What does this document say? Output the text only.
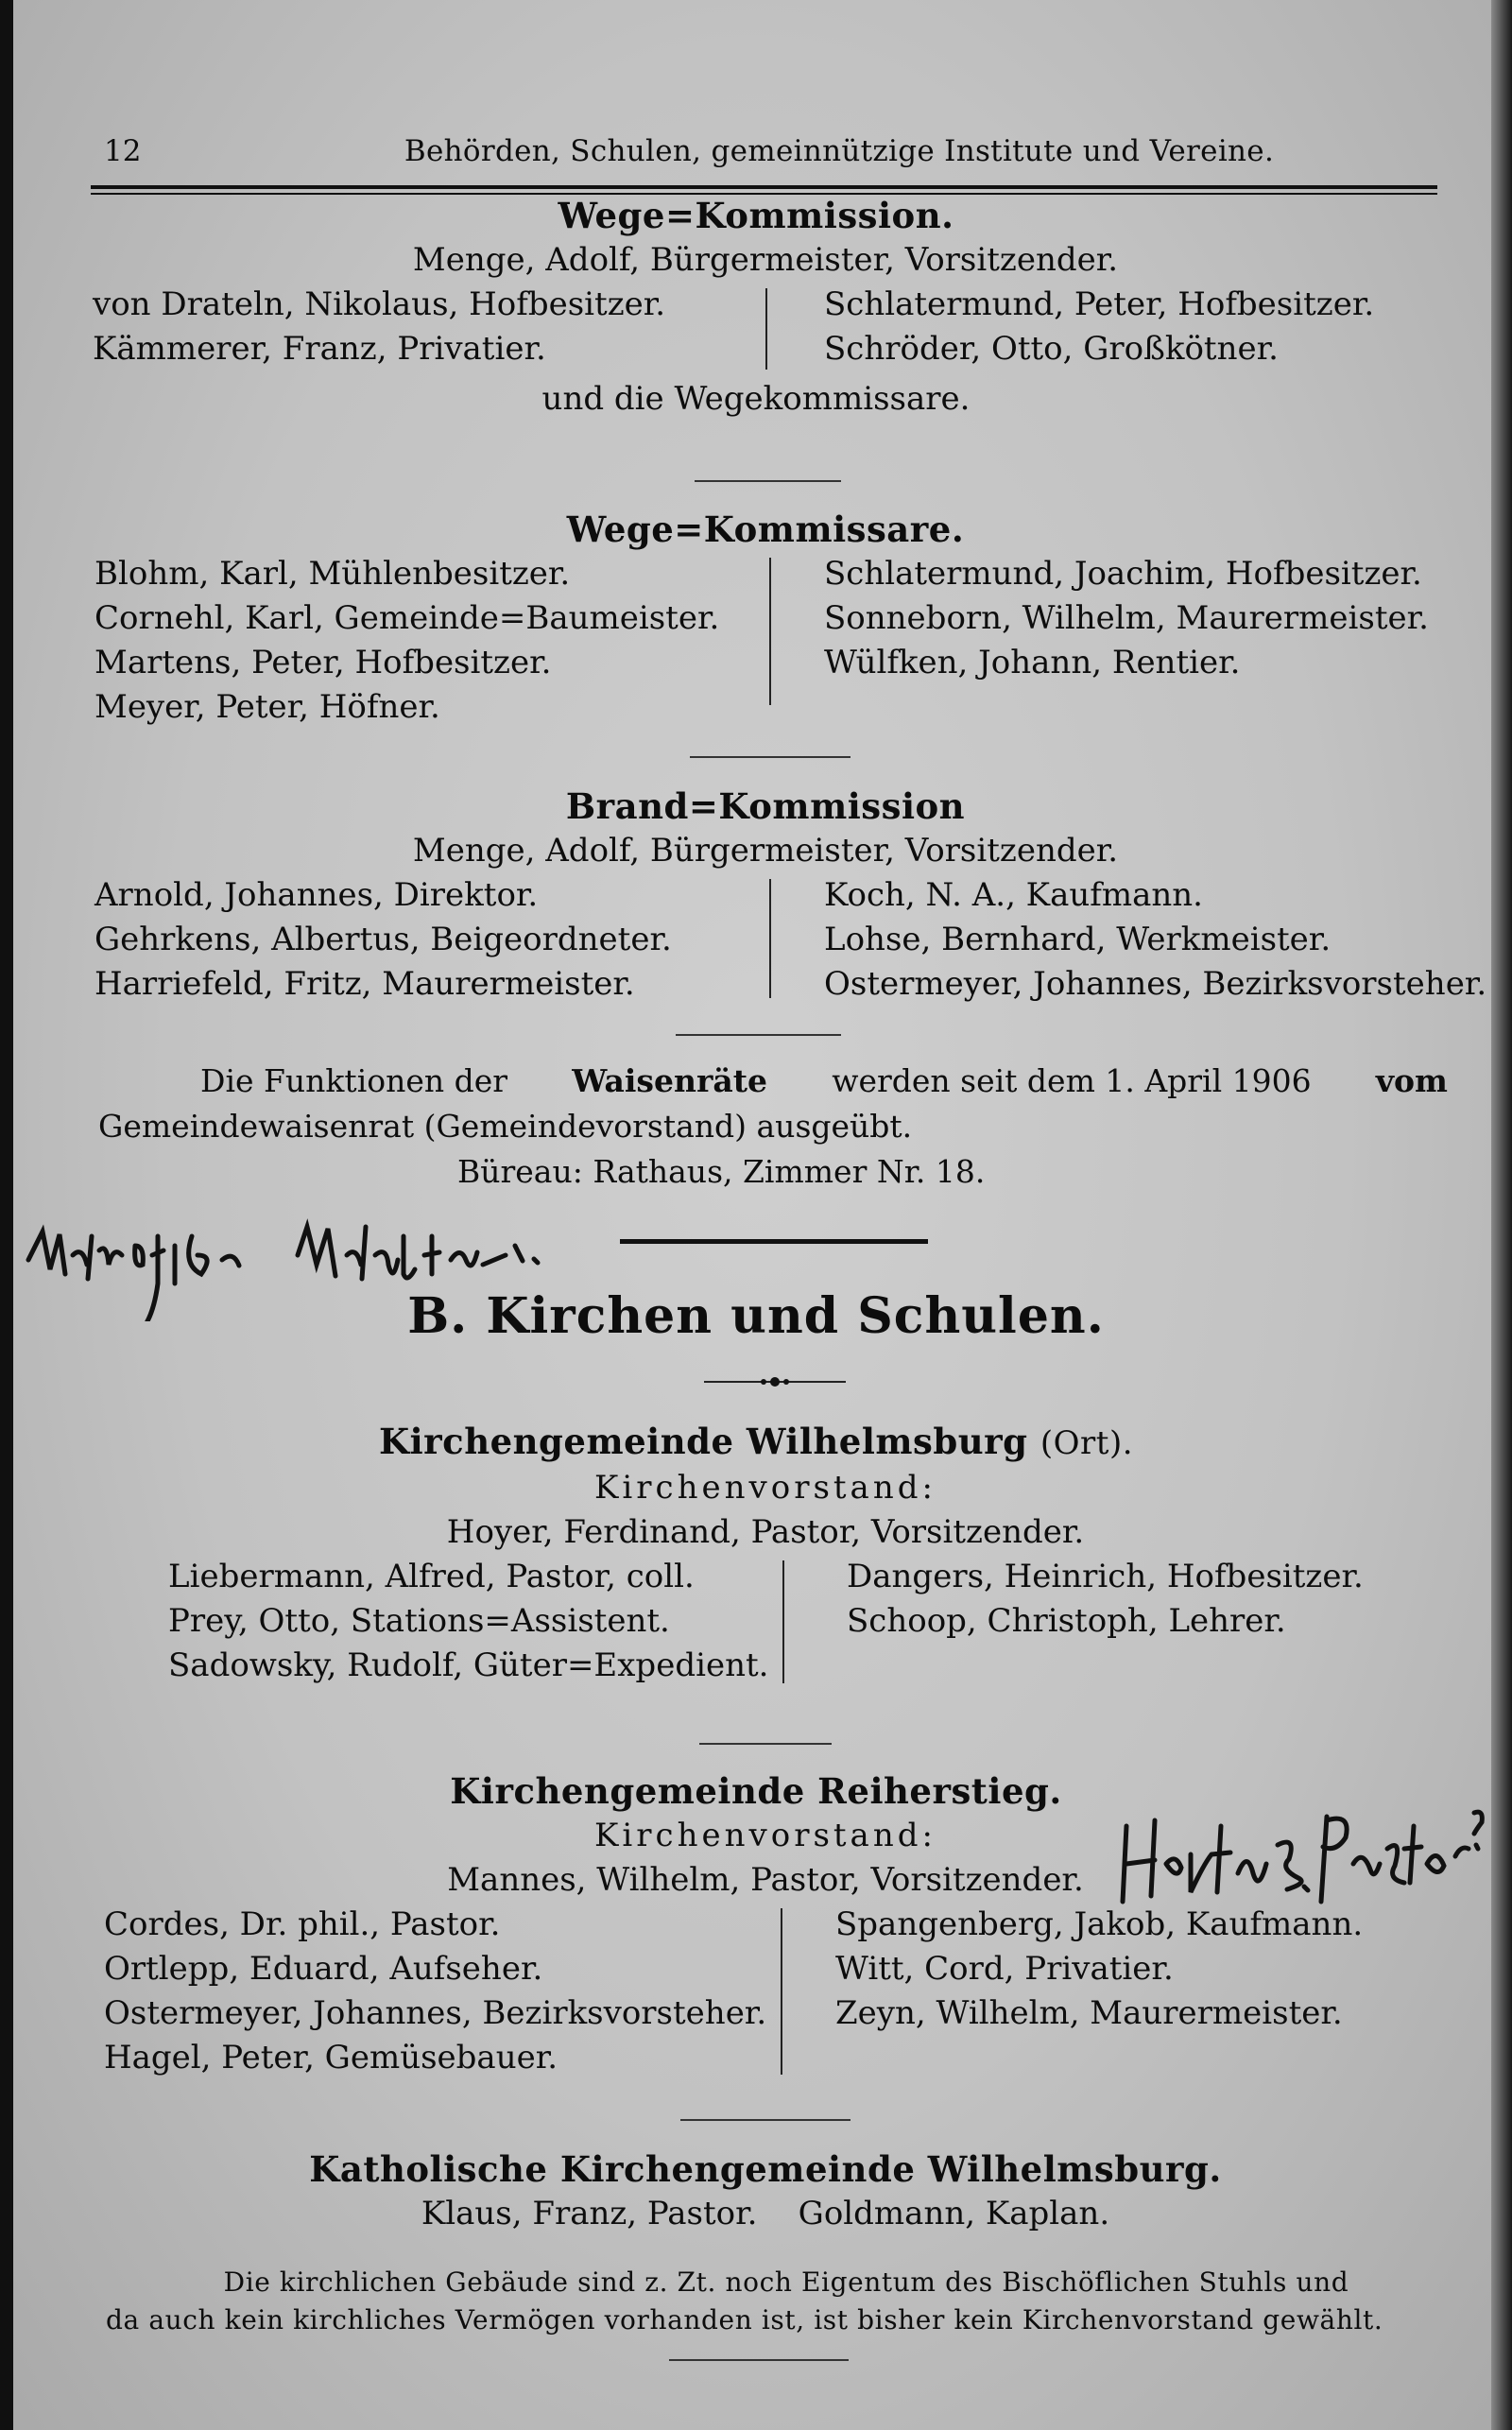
12	Behörden, Schulen, gemeinnützige Institute und Vereine.
Wege=Kommission.
Menge, Adolf, Bürgermeister, Vorsitzender.
von Drateln, Nikolaus, Hofbesitzer.
Kämmerer, Franz, Privatier.
Schlatermund, Peter, Hofbesitzer.
Schröder, Otto, Großkötner.
und die Wegekommissare.
Wege=Kommissare.
Blohm, Karl, Mühlenbesitzer.
Cornehl, Karl, Gemeinde=Baumeister.
Martens, Peter, Hofbesitzer.
Meyer, Peter, Höfner.
Schlatermund, Joachim, Hofbesitzer.
Sonneborn, Wilhelm, Maurermeister.
Wülfken, Johann, Rentier.
Brand=Kommission
Menge, Adolf, Bürgermeister, Vorsitzender.
Arnold, Johannes, Direktor.
Gehrkens, Albertus, Beigeordneter.
Harriefeld, Fritz, Maurermeister.
Koch, N. A., Kaufmann.
Lohse, Bernhard, Werkmeister.
Ostermeyer, Johannes, Bezirksvorsteher.
Die Funktionen der Waisenräte werden seit dem 1. April 1906 vom
Gemeindewaisenrat (Gemeindevorstand) ausgeübt.
Büreau: Rathaus, Zimmer Nr. 18.
B. Kirchen und Schulen.
Kirchengemeinde Wilhelmsburg (Ort).
Kirchenvorstand:
Hoyer, Ferdinand, Pastor, Vorsitzender.
Liebermann, Alfred, Pastor, coll.
Prey, Otto, Stations=Assistent.
Sadowsky, Rudolf, Güter=Expedient.
Dangers, Heinrich, Hofbesitzer.
Schoop, Christoph, Lehrer.
Kirchengemeinde Reiherstieg.
Kirchenvorstand:
Mannes, Wilhelm, Pastor, Vorsitzender.
Cordes, Dr. phil., Pastor.
Ortlepp, Eduard, Aufseher.
Ostermeyer, Johannes, Bezirksvorsteher.
Hagel, Peter, Gemüsebauer.
Spangenberg, Jakob, Kaufmann.
Witt, Cord, Privatier.
Zeyn, Wilhelm, Maurermeister.
Katholische Kirchengemeinde Wilhelmsburg.
Klaus, Franz, Pastor.    Goldmann, Kaplan.
Die kirchlichen Gebäude sind z. Zt. noch Eigentum des Bischöflichen Stuhls und
da auch kein kirchliches Vermögen vorhanden ist, ist bisher kein Kirchenvorstand gewählt.
